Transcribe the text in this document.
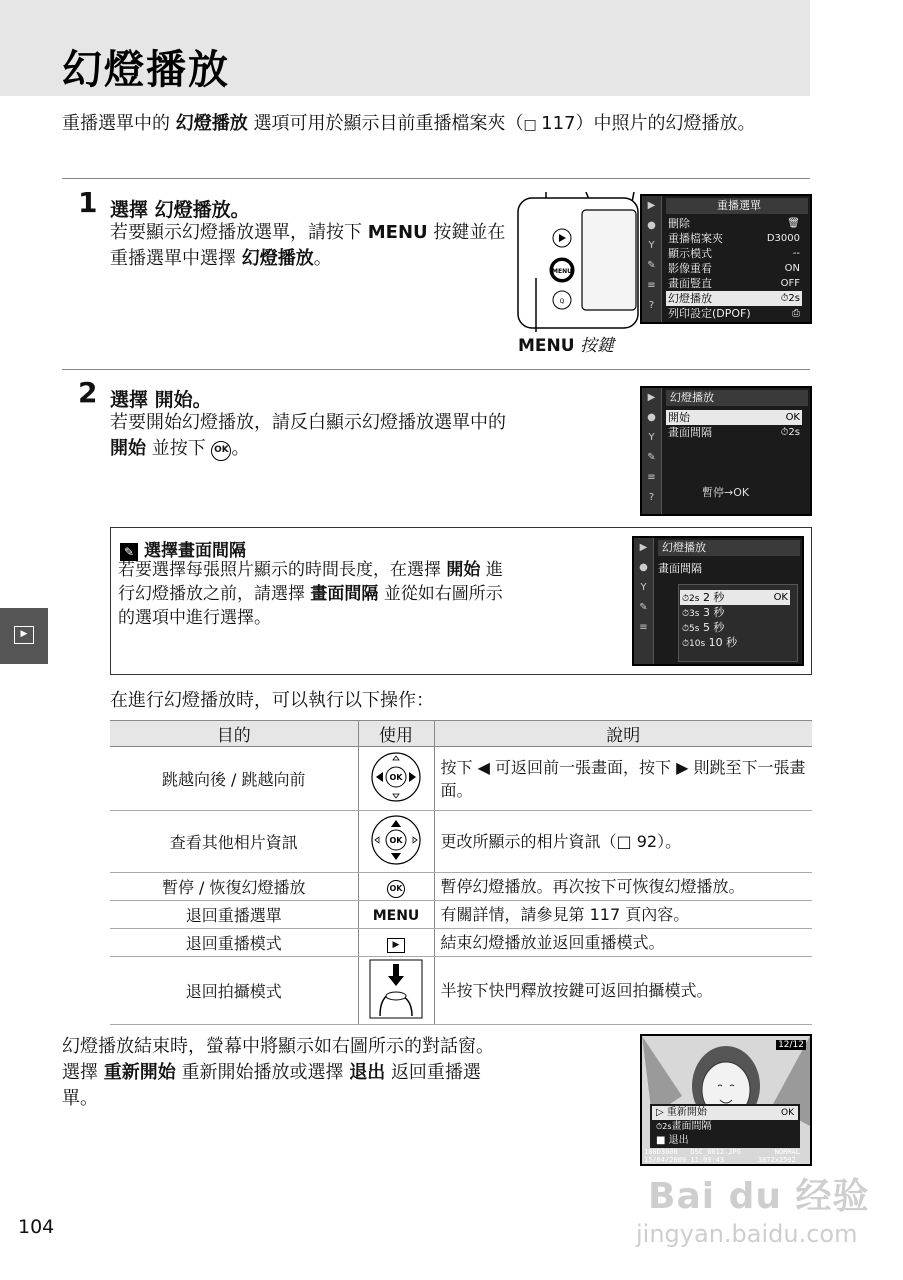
幻燈播放
重播選單中的 幻燈播放 選項可用於顯示目前重播檔案夾（□ 117）中照片的幻燈播放。
1 選擇 幻燈播放。
若要顯示幻燈播放選單，請按下 MENU 按鍵並在重播選單中選擇 幻燈播放。
MENU
Q
▶
●
Y
✎
≡
?
重播選單
刪除	🗑
重播檔案夾	D3000
顯示模式	--
影像重看	ON
畫面豎直	OFF
幻燈播放	⏱2s
列印設定(DPOF)	⎙
MENU 按鍵
2 選擇 開始。
若要開始幻燈播放，請反白顯示幻燈播放選單中的 開始 並按下 OK 。
▶
●
Y
✎
≡
?
幻燈播放
開始	OK
畫面間隔	⏱2s
暫停→OK
✎ 選擇畫面間隔
若要選擇每張照片顯示的時間長度，在選擇 開始 進行幻燈播放之前，請選擇 畫面間隔 並從如右圖所示的選項中進行選擇。
▶
●
Y
✎
≡
幻燈播放
畫面間隔
⏱2s 2 秒	OK
⏱3s 3 秒
⏱5s 5 秒
⏱10s 10 秒
▶
在進行幻燈播放時，可以執行以下操作：
目的	使用	說明
跳越向後 / 跳越向前	OK	按下 ◀ 可返回前一張畫面，按下 ▶ 則跳至下一張畫面。
查看其他相片資訊	OK	更改所顯示的相片資訊（□ 92）。
暫停 / 恢復幻燈播放	OK	暫停幻燈播放。再次按下可恢復幻燈播放。
退回重播選單	MENU	有關詳情，請參見第 117 頁內容。
退回重播模式	▶	結束幻燈播放並返回重播模式。
退回拍攝模式		半按下快門釋放按鍵可返回拍攝模式。
幻燈播放結束時，螢幕中將顯示如右圖所示的對話窗。選擇 重新開始 重新開始播放或選擇 退出 返回重播選單。
12/12
▷ 重新開始	OK
⏱2s畫面間隔
■ 退出
100D3000   DSC_0012.JPG        NORMAL
15/04/2009 11:03:43        3872x2592
104
Bai du 经验
jingyan.baidu.com
